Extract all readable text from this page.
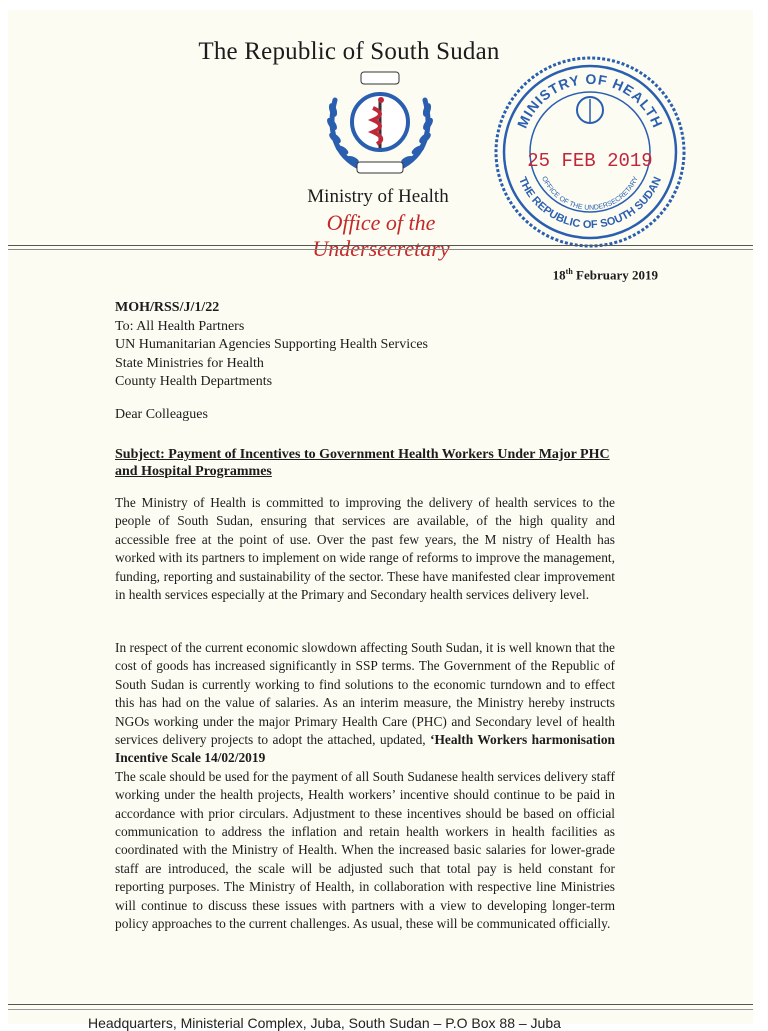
The Republic of South Sudan
Ministry of Health
Office of the
MINISTRY OF HEALTH
THE REPUBLIC OF SOUTH SUDAN
OFFICE OF THE UNDERSECRETARY
25 FEB 2019
18th February 2019
MOH/RSS/J/1/22
To: All Health Partners
UN Humanitarian Agencies Supporting Health Services
State Ministries for Health
County Health Departments
Dear Colleagues
Subject: Payment of Incentives to Government Health Workers Under Major PHC and Hospital Programmes
The Ministry of Health is committed to improving the delivery of health services to the people of South Sudan, ensuring that services are available, of the high quality and accessible free at the point of use. Over the past few years, the M nistry of Health has worked with its partners to implement on wide range of reforms to improve the management, funding, reporting and sustainability of the sector. These have manifested clear improvement in health services especially at the Primary and Secondary health services delivery level.
In respect of the current economic slowdown affecting South Sudan, it is well known that the cost of goods has increased significantly in SSP terms. The Government of the Republic of South Sudan is currently working to find solutions to the economic turndown and to effect this has had on the value of salaries. As an interim measure, the Ministry hereby instructs NGOs working under the major Primary Health Care (PHC) and Secondary level of health services delivery projects to adopt the attached, updated, ‘Health Workers harmonisation Incentive Scale 14/02/2019
The scale should be used for the payment of all South Sudanese health services delivery staff working under the health projects, Health workers’ incentive should continue to be paid in accordance with prior circulars. Adjustment to these incentives should be based on official communication to address the inflation and retain health workers in health facilities as coordinated with the Ministry of Health. When the increased basic salaries for lower-grade staff are introduced, the scale will be adjusted such that total pay is held constant for reporting purposes. The Ministry of Health, in collaboration with respective line Ministries will continue to discuss these issues with partners with a view to developing longer-term policy approaches to the current challenges. As usual, these will be communicated officially.
Headquarters, Ministerial Complex, Juba, South Sudan – P.O Box 88 – Juba
